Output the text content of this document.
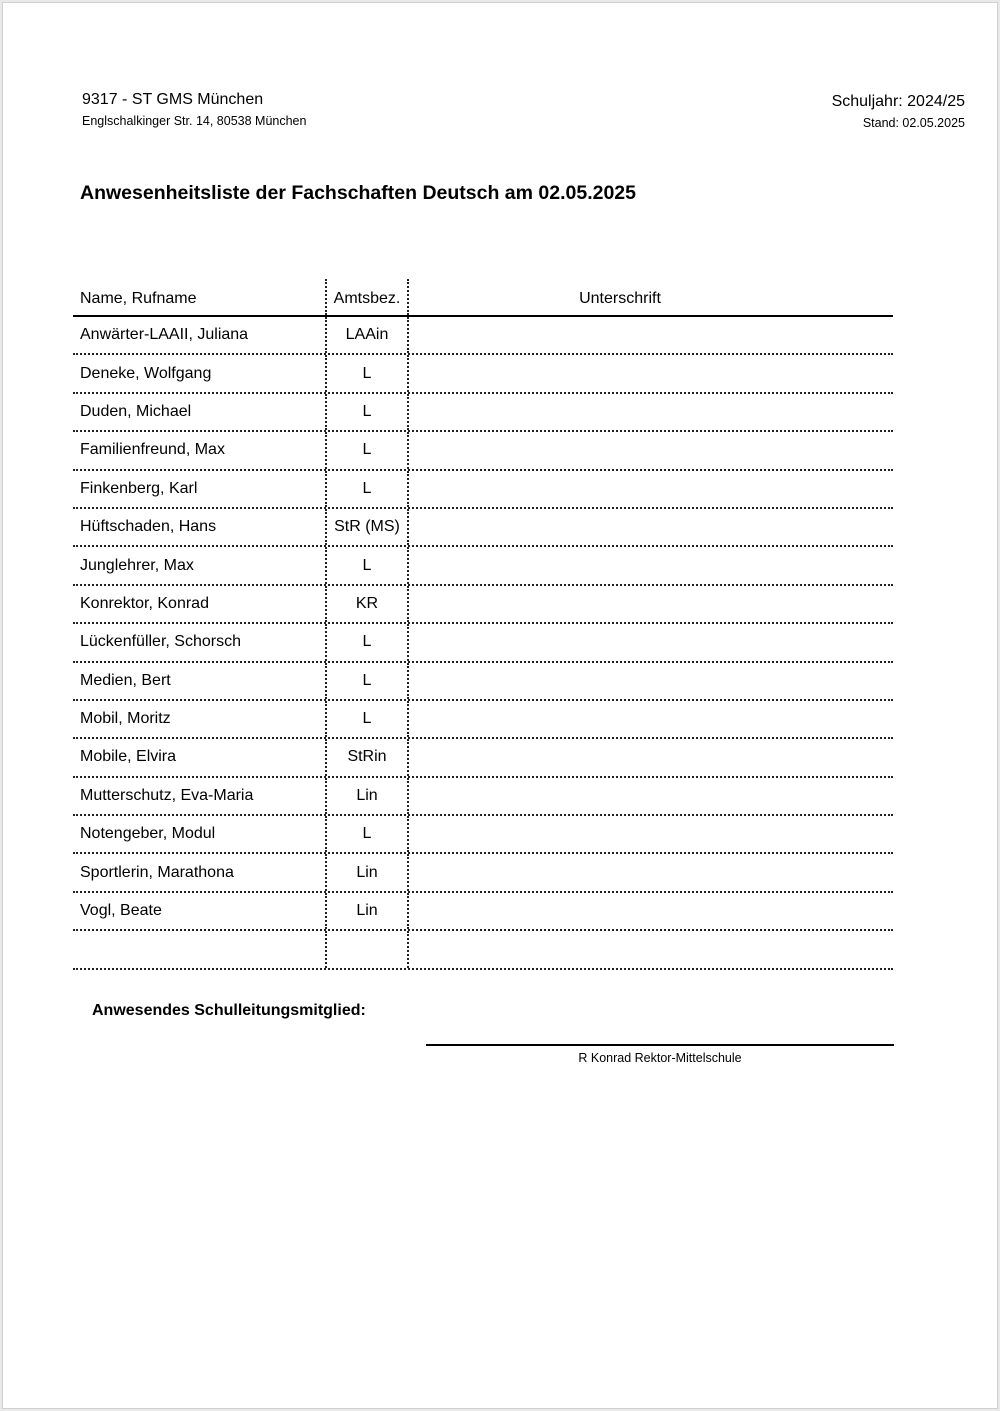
9317 - ST GMS München
Englschalkinger Str. 14, 80538 München
Schuljahr: 2024/25
Stand: 02.05.2025
Anwesenheitsliste der Fachschaften Deutsch am 02.05.2025
Name, Rufname	Amtsbez.	Unterschrift
Anwärter-LAAII, Juliana	LAAin
Deneke, Wolfgang	L
Duden, Michael	L
Familienfreund, Max	L
Finkenberg, Karl	L
Hüftschaden, Hans	StR (MS)
Junglehrer, Max	L
Konrektor, Konrad	KR
Lückenfüller, Schorsch	L
Medien, Bert	L
Mobil, Moritz	L
Mobile, Elvira	StRin
Mutterschutz, Eva-Maria	Lin
Notengeber, Modul	L
Sportlerin, Marathona	Lin
Vogl, Beate	Lin
Anwesendes Schulleitungsmitglied:
R Konrad Rektor-Mittelschule
